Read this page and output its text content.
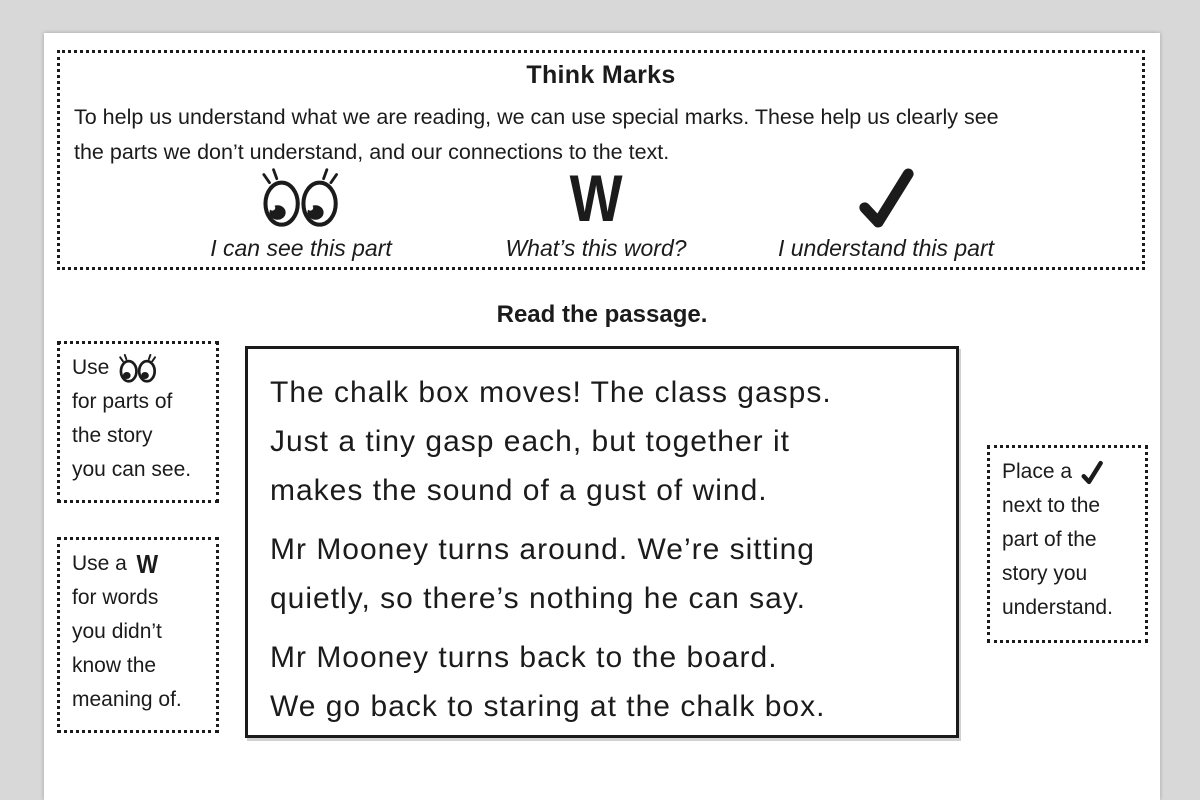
Think Marks
To help us understand what we are reading, we can use special marks. These help us clearly see
the parts we don’t understand, and our connections to the text.
I can see this part
W
What’s this word?	I understand this part
Read the passage.
Use
for parts of
the story
you can see.
Use a W
for words
you didn’t
know the
meaning of.

The chalk box moves! The class gasps.
Just a tiny gasp each, but together it
makes the sound of a gust of wind.

Mr Mooney turns around. We’re sitting
quietly, so there’s nothing he can say.

Mr Mooney turns back to the board.
We go back to staring at the chalk box.

Place a
next to the
part of the
story you
understand.
